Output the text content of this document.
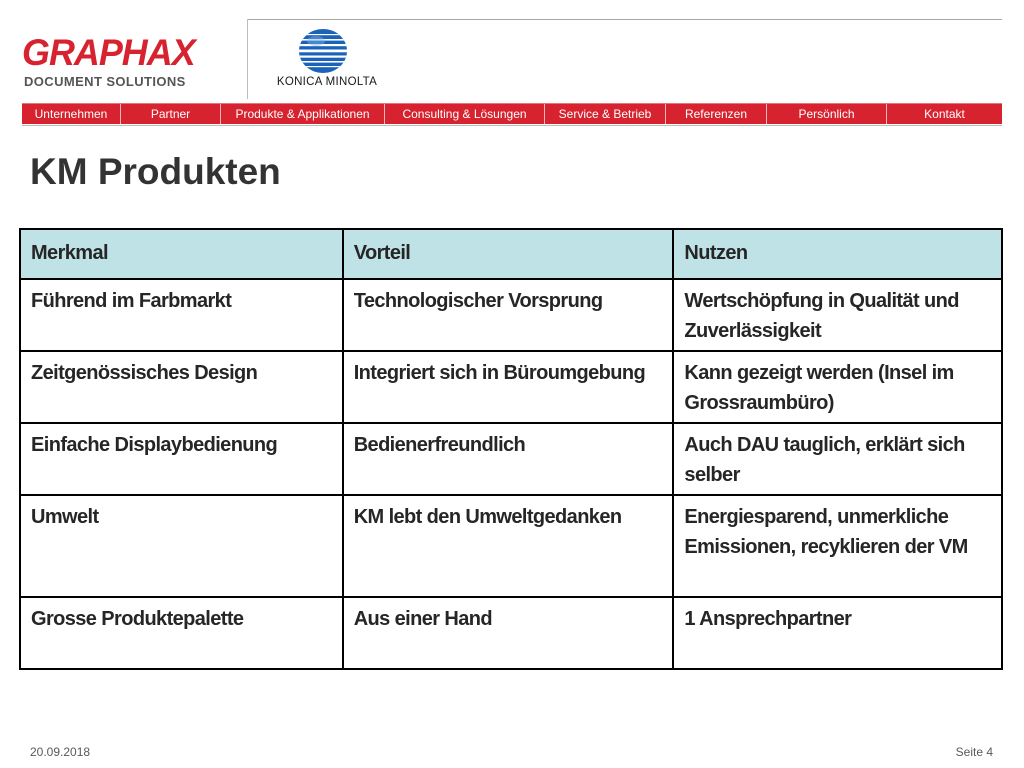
GRAPHAX
DOCUMENT SOLUTIONS	KONICA MINOLTA
Unternehmen	Partner	Produkte & Applikationen	Consulting & Lösungen	Service & Betrieb	Referenzen	Persönlich	Kontakt
KM Produkten
Merkmal	Vorteil	Nutzen
Führend im Farbmarkt	Technologischer Vorsprung	Wertschöpfung in Qualität und Zuverlässigkeit
Zeitgenössisches Design	Integriert sich in Büroumgebung	Kann gezeigt werden (Insel im Grossraumbüro)
Einfache Displaybedienung	Bedienerfreundlich	Auch DAU tauglich, erklärt sich selber
Umwelt	KM lebt den Umweltgedanken	Energiesparend, unmerkliche Emissionen, recyklieren der VM
Grosse Produktepalette	Aus einer Hand	1 Ansprechpartner
20.09.2018	Seite 4
